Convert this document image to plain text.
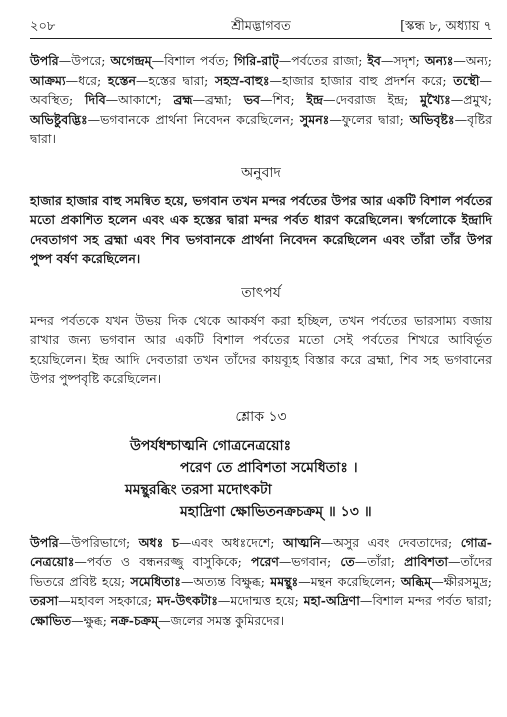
২০৮	শ্রীমদ্ভাগবত	[স্কন্ধ ৮, অধ্যায় ৭

উপরি—উপরে; অগেন্দ্রম্—বিশাল পর্বত; গিরি-রাট্—পর্বতের রাজা; ইব—সদৃশ; অন্যঃ—অন্য; আক্রম্য—ধরে; হস্তেন—হস্তের দ্বারা; সহস্র-বাহুঃ—হাজার হাজার বাহু প্রদর্শন করে; তস্থৌ—অবস্থিত; দিবি—আকাশে; ব্রহ্ম—ব্রহ্মা; ভব—শিব; ইন্দ্র—দেবরাজ ইন্দ্র; মুখ্যৈঃ—প্রমুখ; অভিষ্টুবদ্ভিঃ—ভগবানকে প্রার্থনা নিবেদন করেছিলেন; সুমনঃ—ফুলের দ্বারা; অভিবৃষ্টঃ—বৃষ্টির দ্বারা।

অনুবাদ

হাজার হাজার বাহু সমন্বিত হয়ে, ভগবান তখন মন্দর পর্বতের উপর আর একটি বিশাল পর্বতের মতো প্রকাশিত হলেন এবং এক হস্তের দ্বারা মন্দর পর্বত ধারণ করেছিলেন। স্বর্গলোকে ইন্দ্রাদি দেবতাগণ সহ ব্রহ্মা এবং শিব ভগবানকে প্রার্থনা নিবেদন করেছিলেন এবং তাঁরা তাঁর উপর পুষ্প বর্ষণ করেছিলেন।

তাৎপর্য

মন্দর পর্বতকে যখন উভয় দিক থেকে আকর্ষণ করা হচ্ছিল, তখন পর্বতের ভারসাম্য বজায় রাখার জন্য ভগবান আর একটি বিশাল পর্বতের মতো সেই পর্বতের শিখরে আবির্ভূত হয়েছিলেন। ইন্দ্র আদি দেবতারা তখন তাঁদের কায়ব্যূহ বিস্তার করে ব্রহ্মা, শিব সহ ভগবানের উপর পুষ্পবৃষ্টি করেছিলেন।

শ্লোক ১৩
উপর্যধশ্চাত্মনি গোত্রনেত্রয়োঃ
পরেণ তে প্রাবিশতা সমেধিতাঃ ।
মমন্থুরব্ধিং তরসা মদোৎকটা
মহাদ্রিণা ক্ষোভিতনক্রচক্রম্ ॥ ১৩ ॥

উপরি—উপরিভাগে; অধঃ চ—এবং অধঃদেশে; আত্মনি—অসুর এবং দেবতাদের; গোত্র-নেত্রয়োঃ—পর্বত ও বন্ধনরজ্জু বাসুকিকে; পরেণ—ভগবান; তে—তাঁরা; প্রাবিশতা—তাঁদের ভিতরে প্রবিষ্ট হয়ে; সমেধিতাঃ—অত্যন্ত বিক্ষুব্ধ; মমন্থুঃ—মন্থন করেছিলেন; অব্ধিম্—ক্ষীরসমুদ্র; তরসা—মহাবল সহকারে; মদ-উৎকটাঃ—মদোন্মত্ত হয়ে; মহা-অদ্রিণা—বিশাল মন্দর পর্বত দ্বারা; ক্ষোভিত—ক্ষুব্ধ; নক্র-চক্রম্—জলের সমস্ত কুমিরদের।
